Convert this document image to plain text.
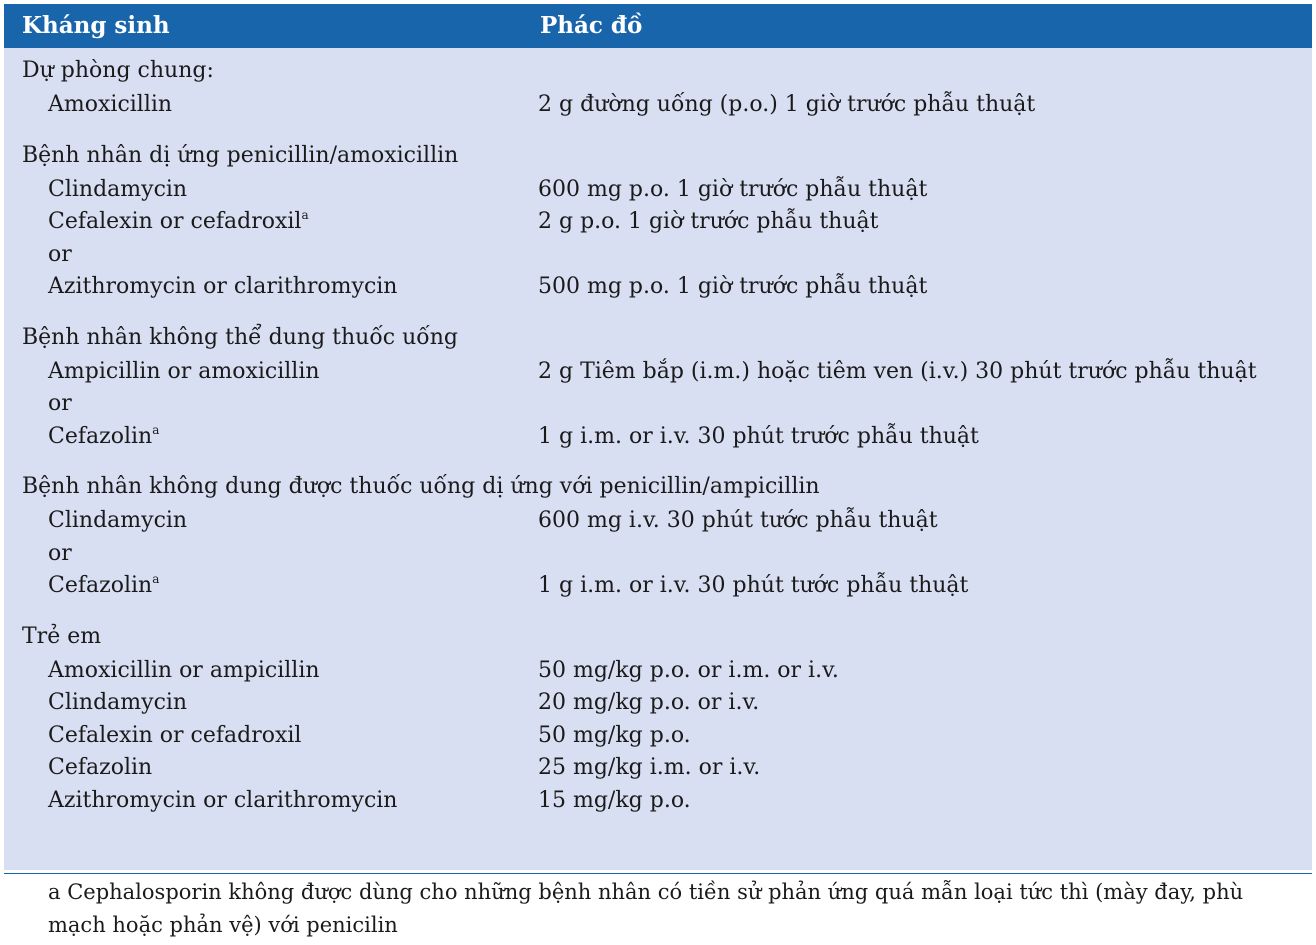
Kháng sinh	Phác đồ
Dự phòng chung:
Amoxicillin	2 g đường uống (p.o.) 1 giờ trước phẫu thuật
Bệnh nhân dị ứng penicillin/amoxicillin
Clindamycin	600 mg p.o. 1 giờ trước phẫu thuật
Cefalexin or cefadroxil$^a$	2 g p.o. 1 giờ trước phẫu thuật
or
Azithromycin or clarithromycin	500 mg p.o. 1 giờ trước phẫu thuật
Bệnh nhân không thể dung thuốc uống
Ampicillin or amoxicillin	2 g Tiêm bắp (i.m.) hoặc tiêm ven (i.v.) 30 phút trước phẫu thuật
or
Cefazolin$^a$	1 g i.m. or i.v. 30 phút trước phẫu thuật
Bệnh nhân không dung được thuốc uống dị ứng với penicillin/ampicillin
Clindamycin	600 mg i.v. 30 phút tước phẫu thuật
or
Cefazolin$^a$	1 g i.m. or i.v. 30 phút tước phẫu thuật
Trẻ em
Amoxicillin or ampicillin	50 mg/kg p.o. or i.m. or i.v.
Clindamycin	20 mg/kg p.o. or i.v.
Cefalexin or cefadroxil	50 mg/kg p.o.
Cefazolin	25 mg/kg i.m. or i.v.
Azithromycin or clarithromycin	15 mg/kg p.o.
a Cephalosporin không được dùng cho những bệnh nhân có tiền sử phản ứng quá mẫn loại tức thì (mày đay, phù mạch hoặc phản vệ) với penicilin
